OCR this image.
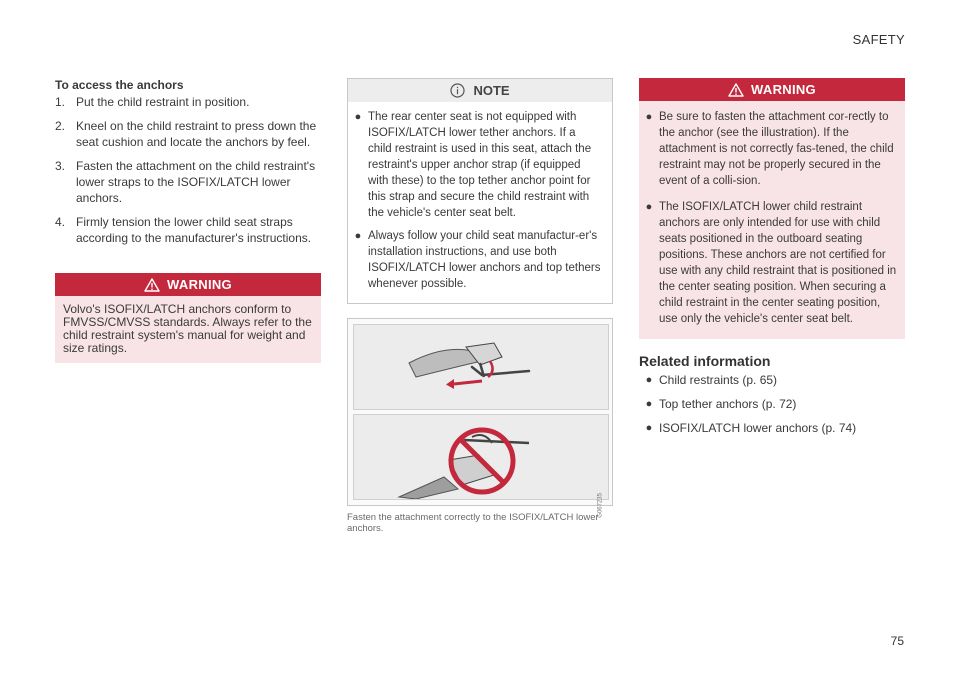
SAFETY
To access the anchors
1. Put the child restraint in position.
2. Kneel on the child restraint to press down the seat cushion and locate the anchors by feel.
3. Fasten the attachment on the child restraint's lower straps to the ISOFIX/LATCH lower anchors.
4. Firmly tension the lower child seat straps according to the manufacturer's instructions.
WARNING
Volvo's ISOFIX/LATCH anchors conform to FMVSS/CMVSS standards. Always refer to the child restraint system's manual for weight and size ratings.
NOTE
● The rear center seat is not equipped with ISOFIX/LATCH lower tether anchors. If a child restraint is used in this seat, attach the restraint's upper anchor strap (if equipped with these) to the top tether anchor point for this strap and secure the child restraint with the vehicle's center seat belt.
● Always follow your child seat manufactur-er's installation instructions, and use both ISOFIX/LATCH lower anchors and top tethers whenever possible.
G067235
Fasten the attachment correctly to the ISOFIX/LATCH lower anchors.
WARNING
● Be sure to fasten the attachment cor-rectly to the anchor (see the illustration). If the attachment is not correctly fas-tened, the child restraint may not be properly secured in the event of a colli-sion.
● The ISOFIX/LATCH lower child restraint anchors are only intended for use with child seats positioned in the outboard seating positions. These anchors are not certified for use with any child restraint that is positioned in the center seating position. When securing a child restraint in the center seating position, use only the vehicle's center seat belt.
Related information
● Child restraints (p. 65)
● Top tether anchors (p. 72)
● ISOFIX/LATCH lower anchors (p. 74)
75
